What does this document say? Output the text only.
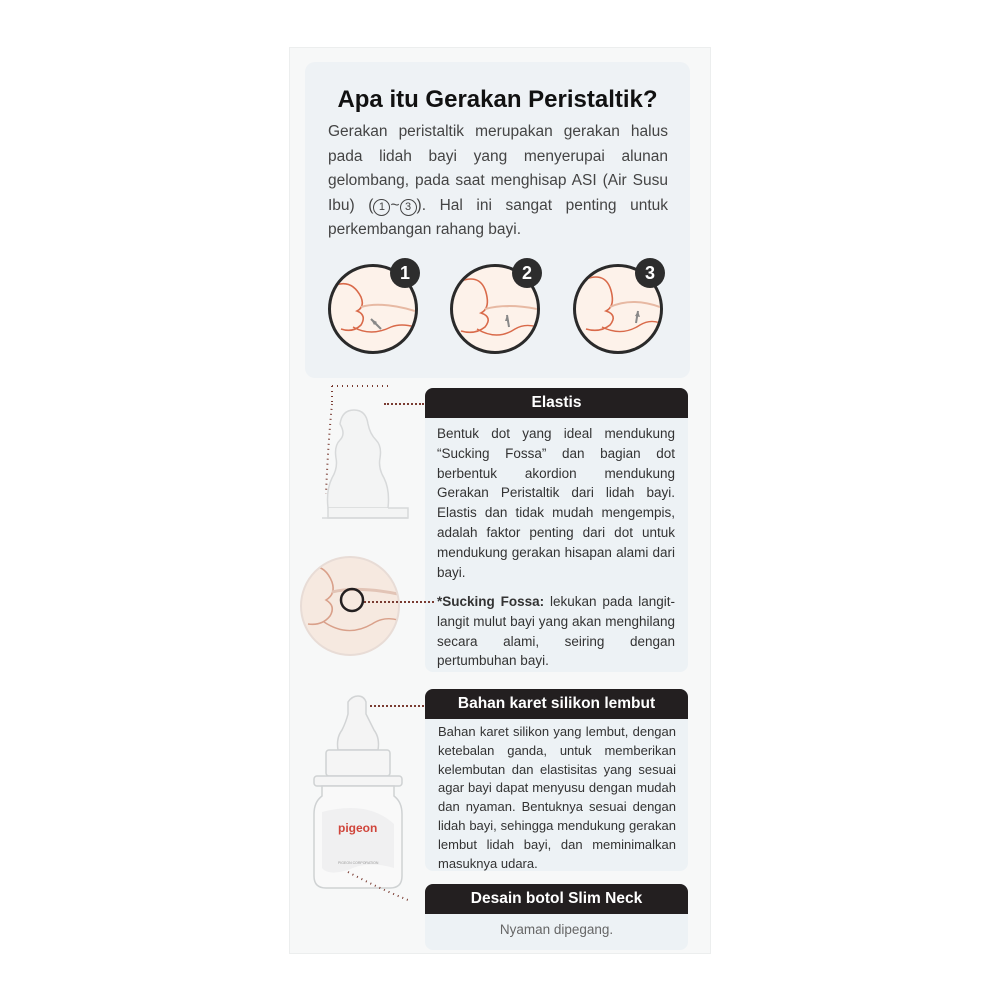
Apa itu Gerakan Peristaltik?
Gerakan peristaltik merupakan gerakan halus pada lidah bayi yang menyerupai alunan gelombang, pada saat menghisap ASI (Air Susu Ibu) ( 1 ~ 3 ). Hal ini sangat penting untuk perkembangan rahang bayi.
1	2	3
Elastis
Bentuk dot yang ideal mendukung “Sucking Fossa” dan bagian dot berbentuk akordion mendukung Gerakan Peristaltik dari lidah bayi. Elastis dan tidak mudah mengempis, adalah faktor penting dari dot untuk mendukung gerakan hisapan alami dari bayi.
*Sucking Fossa: lekukan pada langit-langit mulut bayi yang akan menghilang secara alami, seiring dengan pertumbuhan bayi.
Bahan karet silikon lembut
Bahan karet silikon yang lembut, dengan ketebalan ganda, untuk memberikan kelembutan dan elastisitas yang sesuai agar bayi dapat menyusu dengan mudah dan nyaman. Bentuknya sesuai dengan lidah bayi, sehingga mendukung gerakan lembut lidah bayi, dan meminimalkan masuknya udara.
pigeon
PIGEON CORPORATION
Desain botol Slim Neck
Nyaman dipegang.
